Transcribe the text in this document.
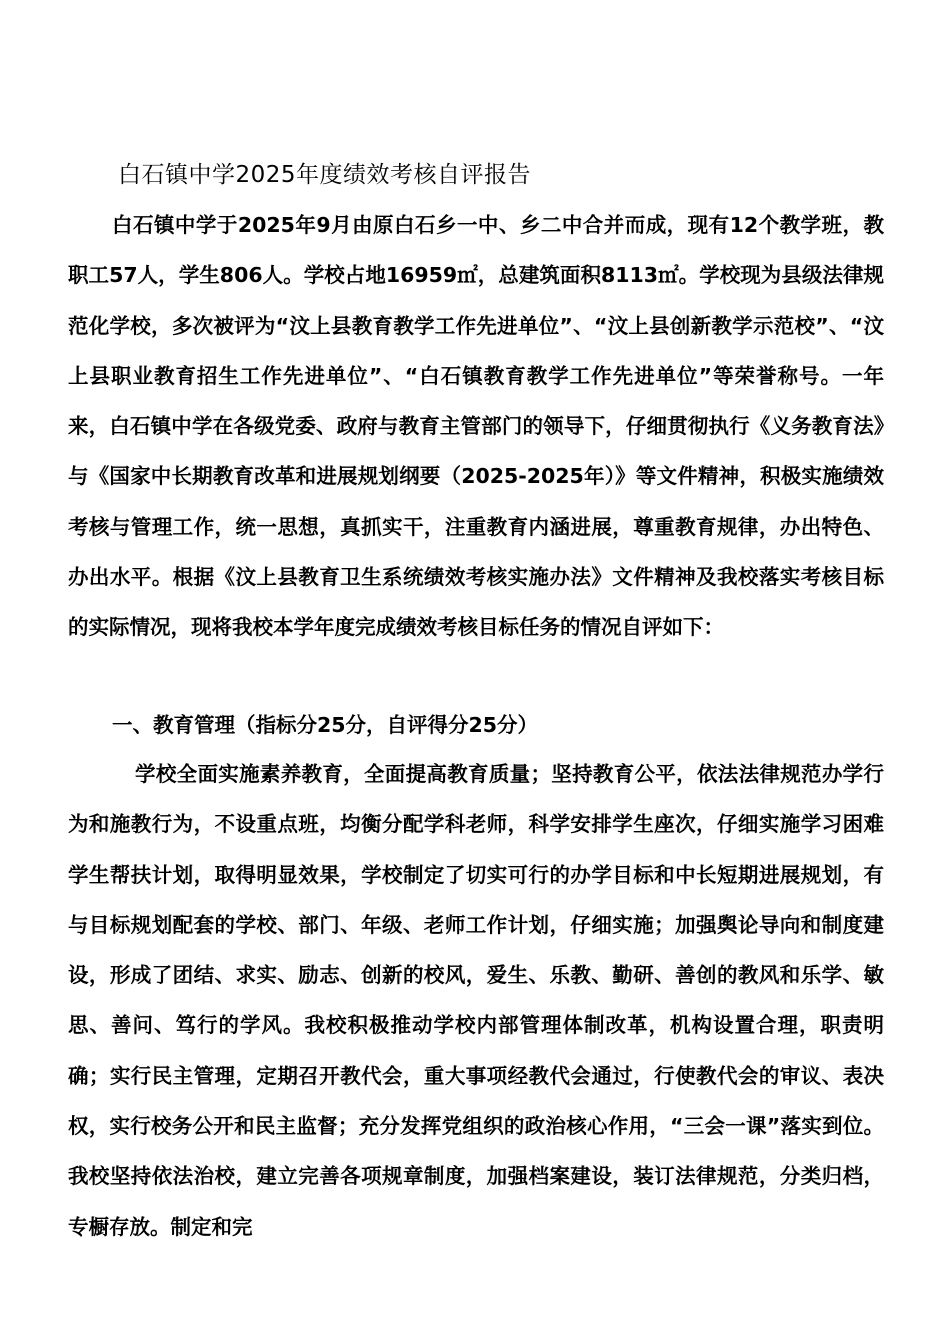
白石镇中学2025年度绩效考核自评报告
白石镇中学于2025年9月由原白石乡一中、乡二中合并而成，现有12个教学班，教职工57人，学生806人。学校占地16959㎡，总建筑面积8113㎡。学校现为县级法律规范化学校，多次被评为“汶上县教育教学工作先进单位”、“汶上县创新教学示范校”、“汶上县职业教育招生工作先进单位”、“白石镇教育教学工作先进单位”等荣誉称号。一年来，白石镇中学在各级党委、政府与教育主管部门的领导下，仔细贯彻执行《义务教育法》与《国家中长期教育改革和进展规划纲要（2025-2025年）》等文件精神，积极实施绩效考核与管理工作，统一思想，真抓实干，注重教育内涵进展，尊重教育规律，办出特色、办出水平。根据《汶上县教育卫生系统绩效考核实施办法》文件精神及我校落实考核目标的实际情况，现将我校本学年度完成绩效考核目标任务的情况自评如下：
一、教育管理（指标分25分，自评得分25分）
学校全面实施素养教育，全面提高教育质量；坚持教育公平，依法法律规范办学行为和施教行为，不设重点班，均衡分配学科老师，科学安排学生座次，仔细实施学习困难学生帮扶计划，取得明显效果，学校制定了切实可行的办学目标和中长短期进展规划，有与目标规划配套的学校、部门、年级、老师工作计划，仔细实施；加强舆论导向和制度建设，形成了团结、求实、励志、创新的校风，爱生、乐教、勤研、善创的教风和乐学、敏思、善问、笃行的学风。我校积极推动学校内部管理体制改革，机构设置合理，职责明确；实行民主管理，定期召开教代会，重大事项经教代会通过，行使教代会的审议、表决权，实行校务公开和民主监督；充分发挥党组织的政治核心作用，“三会一课”落实到位。我校坚持依法治校，建立完善各项规章制度，加强档案建设，装订法律规范，分类归档，专橱存放。制定和完
